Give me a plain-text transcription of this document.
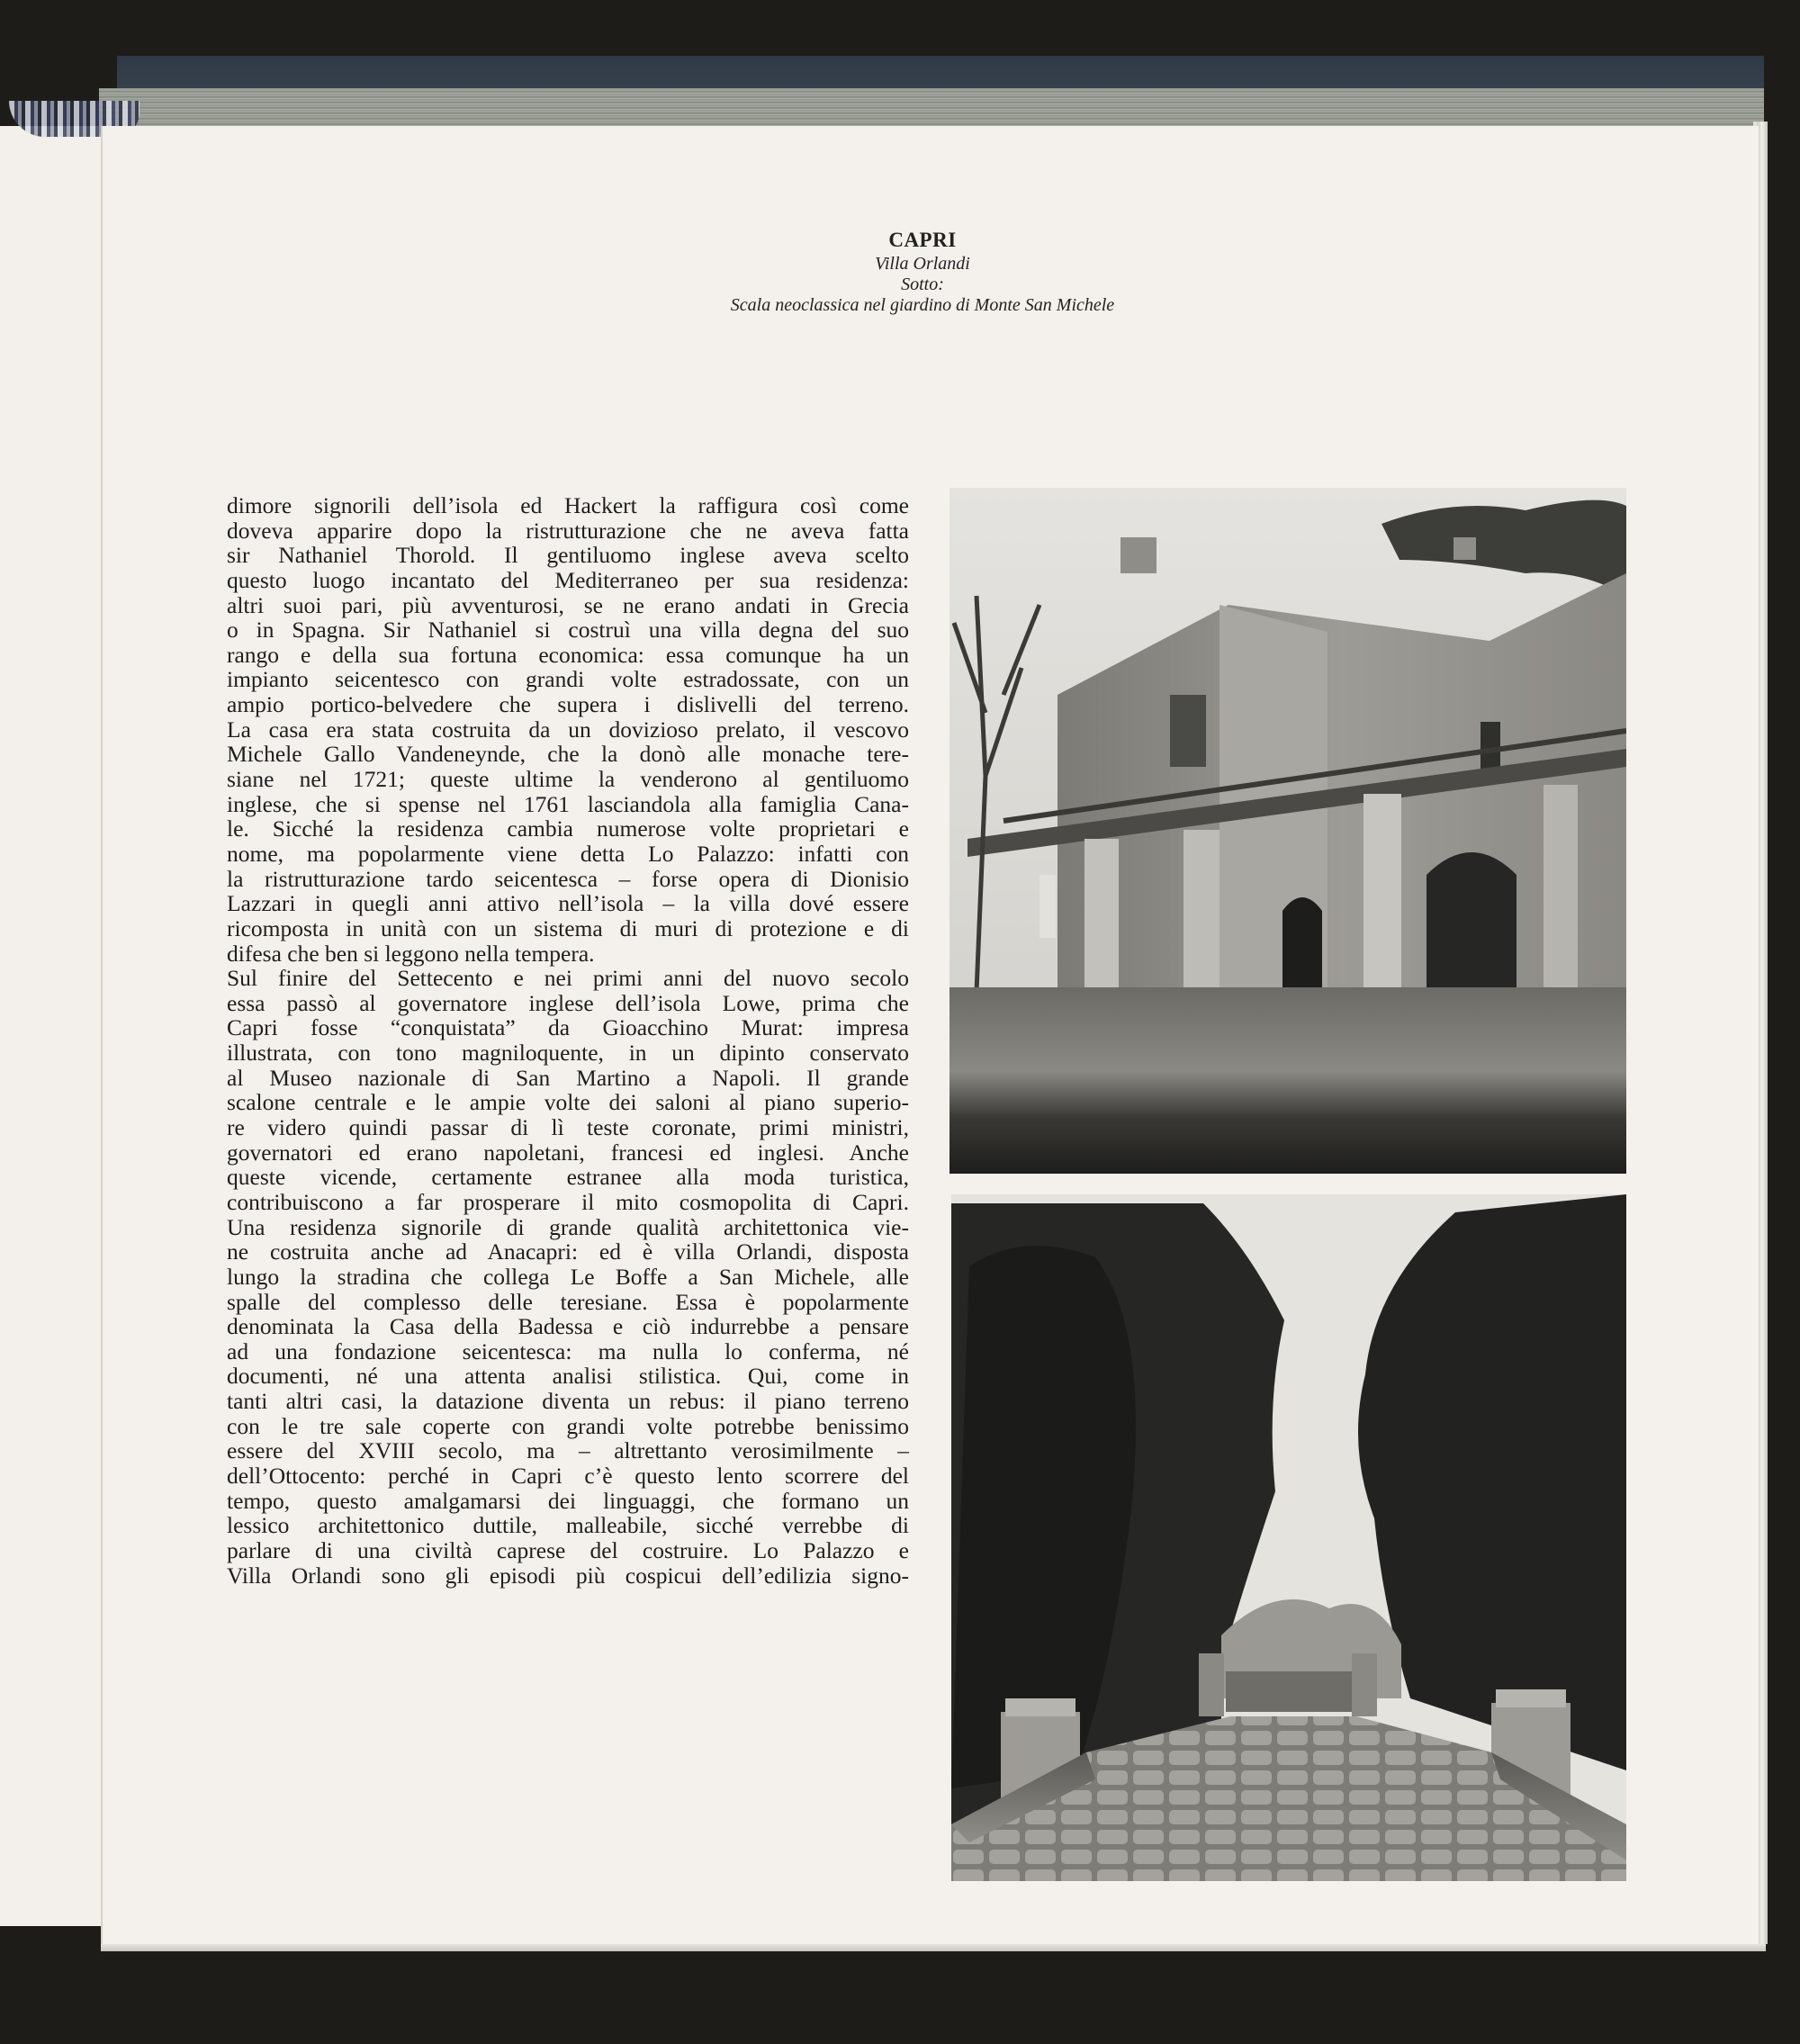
CAPRI
Villa Orlandi
Sotto:
Scala neoclassica nel giardino di Monte San Michele
dimore signorili dell’isola ed Hackert la raffigura così come
doveva apparire dopo la ristrutturazione che ne aveva fatta
sir Nathaniel Thorold. Il gentiluomo inglese aveva scelto
questo luogo incantato del Mediterraneo per sua residenza:
altri suoi pari, più avventurosi, se ne erano andati in Grecia
o in Spagna. Sir Nathaniel si costruì una villa degna del suo
rango e della sua fortuna economica: essa comunque ha un
impianto seicentesco con grandi volte estradossate, con un
ampio portico-belvedere che supera i dislivelli del terreno.
La casa era stata costruita da un dovizioso prelato, il vescovo
Michele Gallo Vandeneynde, che la donò alle monache tere-
siane nel 1721; queste ultime la venderono al gentiluomo
inglese, che si spense nel 1761 lasciandola alla famiglia Cana-
le. Sicché la residenza cambia numerose volte proprietari e
nome, ma popolarmente viene detta Lo Palazzo: infatti con
la ristrutturazione tardo seicentesca – forse opera di Dionisio
Lazzari in quegli anni attivo nell’isola – la villa dové essere
ricomposta in unità con un sistema di muri di protezione e di
difesa che ben si leggono nella tempera.
Sul finire del Settecento e nei primi anni del nuovo secolo
essa passò al governatore inglese dell’isola Lowe, prima che
Capri fosse “conquistata” da Gioacchino Murat: impresa
illustrata, con tono magniloquente, in un dipinto conservato
al Museo nazionale di San Martino a Napoli. Il grande
scalone centrale e le ampie volte dei saloni al piano superio-
re videro quindi passar di lì teste coronate, primi ministri,
governatori ed erano napoletani, francesi ed inglesi. Anche
queste vicende, certamente estranee alla moda turistica,
contribuiscono a far prosperare il mito cosmopolita di Capri.
Una residenza signorile di grande qualità architettonica vie-
ne costruita anche ad Anacapri: ed è villa Orlandi, disposta
lungo la stradina che collega Le Boffe a San Michele, alle
spalle del complesso delle teresiane. Essa è popolarmente
denominata la Casa della Badessa e ciò indurrebbe a pensare
ad una fondazione seicentesca: ma nulla lo conferma, né
documenti, né una attenta analisi stilistica. Qui, come in
tanti altri casi, la datazione diventa un rebus: il piano terreno
con le tre sale coperte con grandi volte potrebbe benissimo
essere del XVIII secolo, ma – altrettanto verosimilmente –
dell’Ottocento: perché in Capri c’è questo lento scorrere del
tempo, questo amalgamarsi dei linguaggi, che formano un
lessico architettonico duttile, malleabile, sicché verrebbe di
parlare di una civiltà caprese del costruire. Lo Palazzo e
Villa Orlandi sono gli episodi più cospicui dell’edilizia signo-
